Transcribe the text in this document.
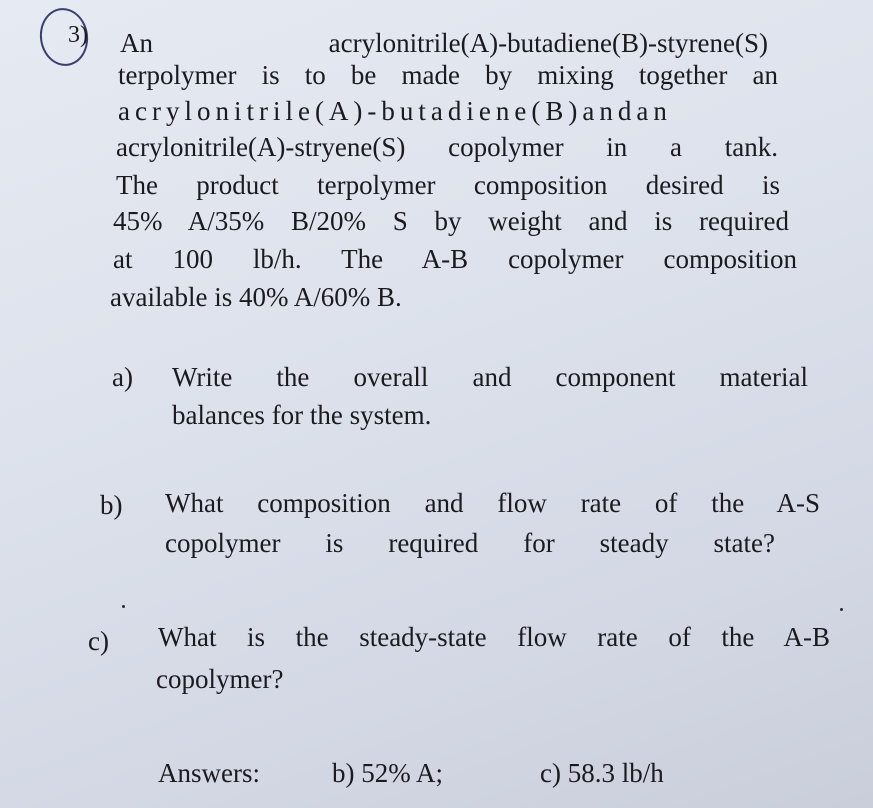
3) An acrylonitrile(A)-butadiene(B)-styrene(S)
terpolymer is to be made by mixing together an
acrylonitrile(A)-butadiene(B)andan
acrylonitrile(A)-stryene(S) copolymer in a tank.
The product terpolymer composition desired is
45% A/35% B/20% S by weight and is required
at 100 lb/h. The A-B copolymer composition
available is 40% A/60% B.
a) Write the overall and component material
balances for the system.
b) What composition and flow rate of the A-S
copolymer is required for steady state?
c) What is the steady-state flow rate of the A-B
copolymer?
Answers:	b) 52% A;	c) 58.3 lb/h
